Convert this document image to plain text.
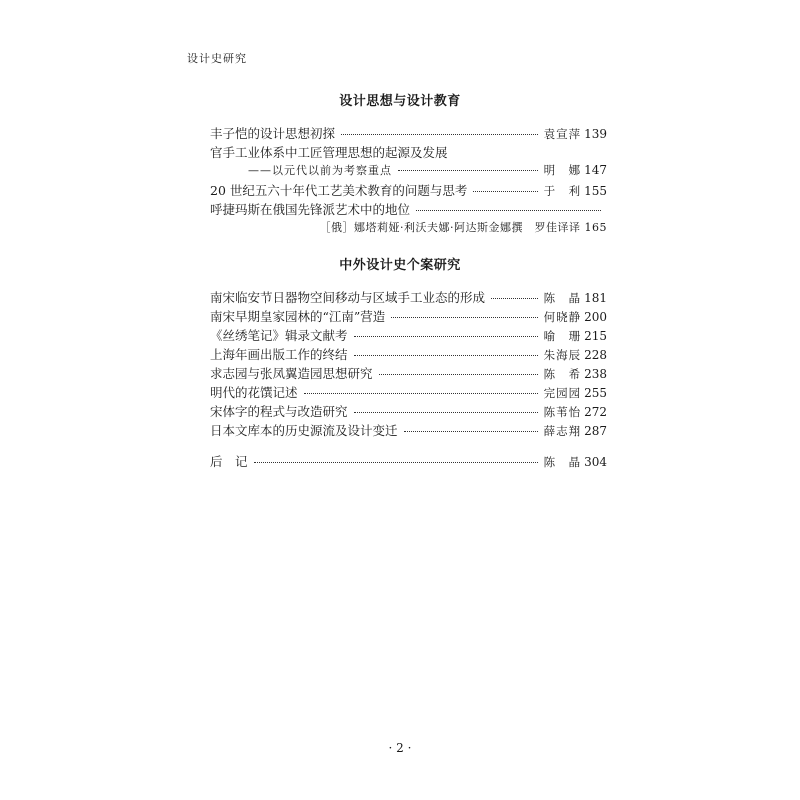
设计史研究
设计思想与设计教育
丰子恺的设计思想初探	袁宣萍 139
官手工业体系中工匠管理思想的起源及发展
——以元代以前为考察重点	明　娜 147
20 世纪五六十年代工艺美术教育的问题与思考	于　利 155
呼捷玛斯在俄国先锋派艺术中的地位
［俄］娜塔莉娅·利沃夫娜·阿达斯金娜撰　罗佳译译 165
中外设计史个案研究
南宋临安节日器物空间移动与区域手工业态的形成	陈　晶 181
南宋早期皇家园林的“江南”营造	何晓静 200
《丝绣笔记》辑录文献考	喻　珊 215
上海年画出版工作的终结	朱海辰 228
求志园与张凤翼造园思想研究	陈　希 238
明代的花馔记述	完园园 255
宋体字的程式与改造研究	陈苇怡 272
日本文库本的历史源流及设计变迁	薛志翔 287
后　记	陈　晶 304
· 2 ·
